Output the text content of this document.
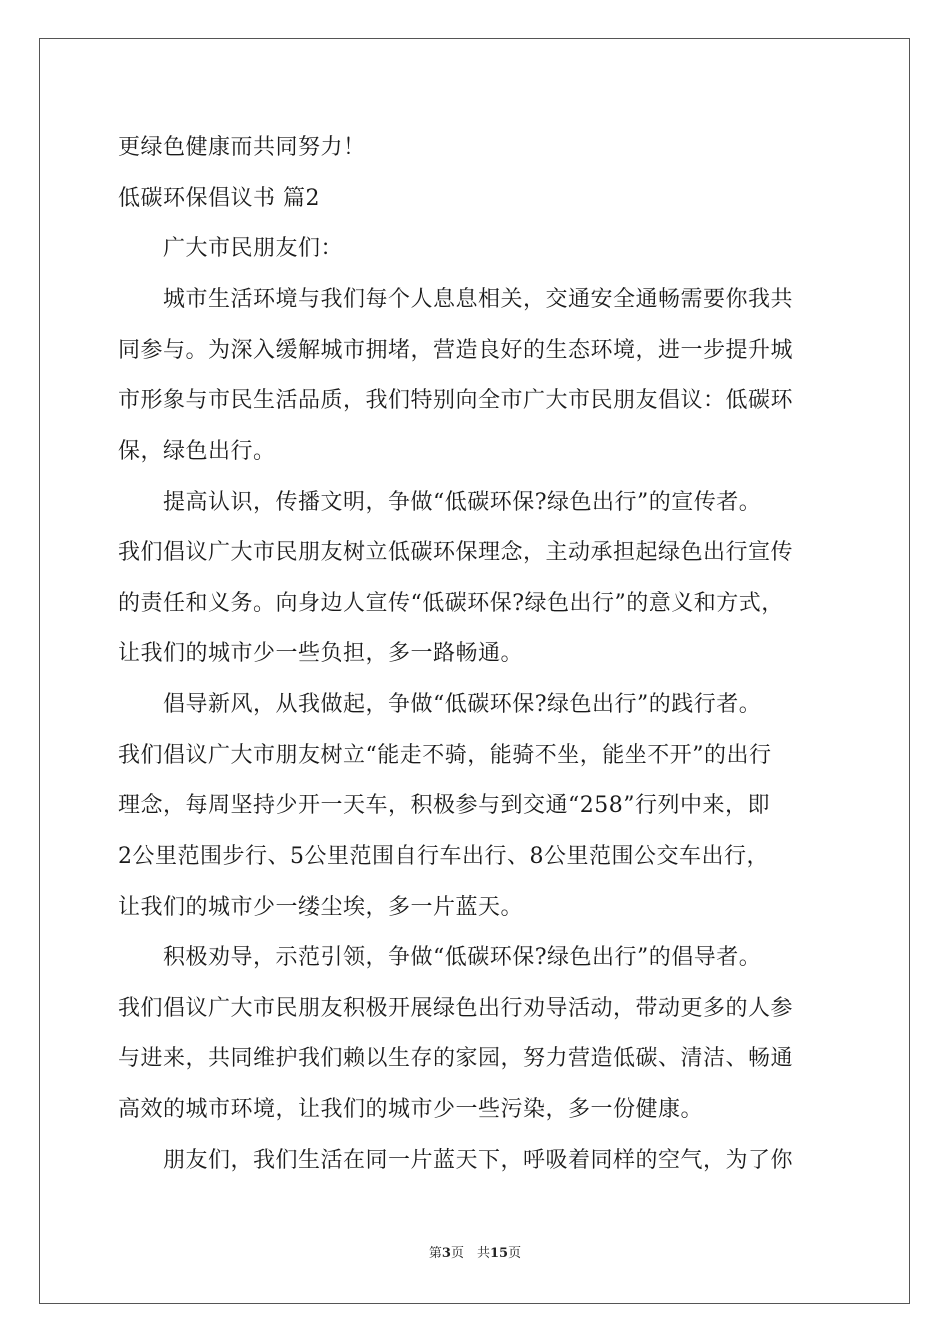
更绿色健康而共同努力！
低碳环保倡议书 篇2
广大市民朋友们：
城市生活环境与我们每个人息息相关，交通安全通畅需要你我共
同参与。为深入缓解城市拥堵，营造良好的生态环境，进一步提升城
市形象与市民生活品质，我们特别向全市广大市民朋友倡议：低碳环
保，绿色出行。
提高认识，传播文明，争做“低碳环保?绿色出行”的宣传者。
我们倡议广大市民朋友树立低碳环保理念，主动承担起绿色出行宣传
的责任和义务。向身边人宣传“低碳环保?绿色出行”的意义和方式，
让我们的城市少一些负担，多一路畅通。
倡导新风，从我做起，争做“低碳环保?绿色出行”的践行者。
我们倡议广大市朋友树立“能走不骑，能骑不坐，能坐不开”的出行
理念，每周坚持少开一天车，积极参与到交通“258”行列中来，即
2公里范围步行、5公里范围自行车出行、8公里范围公交车出行，
让我们的城市少一缕尘埃，多一片蓝天。
积极劝导，示范引领，争做“低碳环保?绿色出行”的倡导者。
我们倡议广大市民朋友积极开展绿色出行劝导活动，带动更多的人参
与进来，共同维护我们赖以生存的家园，努力营造低碳、清洁、畅通
高效的城市环境，让我们的城市少一些污染，多一份健康。
朋友们，我们生活在同一片蓝天下，呼吸着同样的空气，为了你
第3页　共15页
